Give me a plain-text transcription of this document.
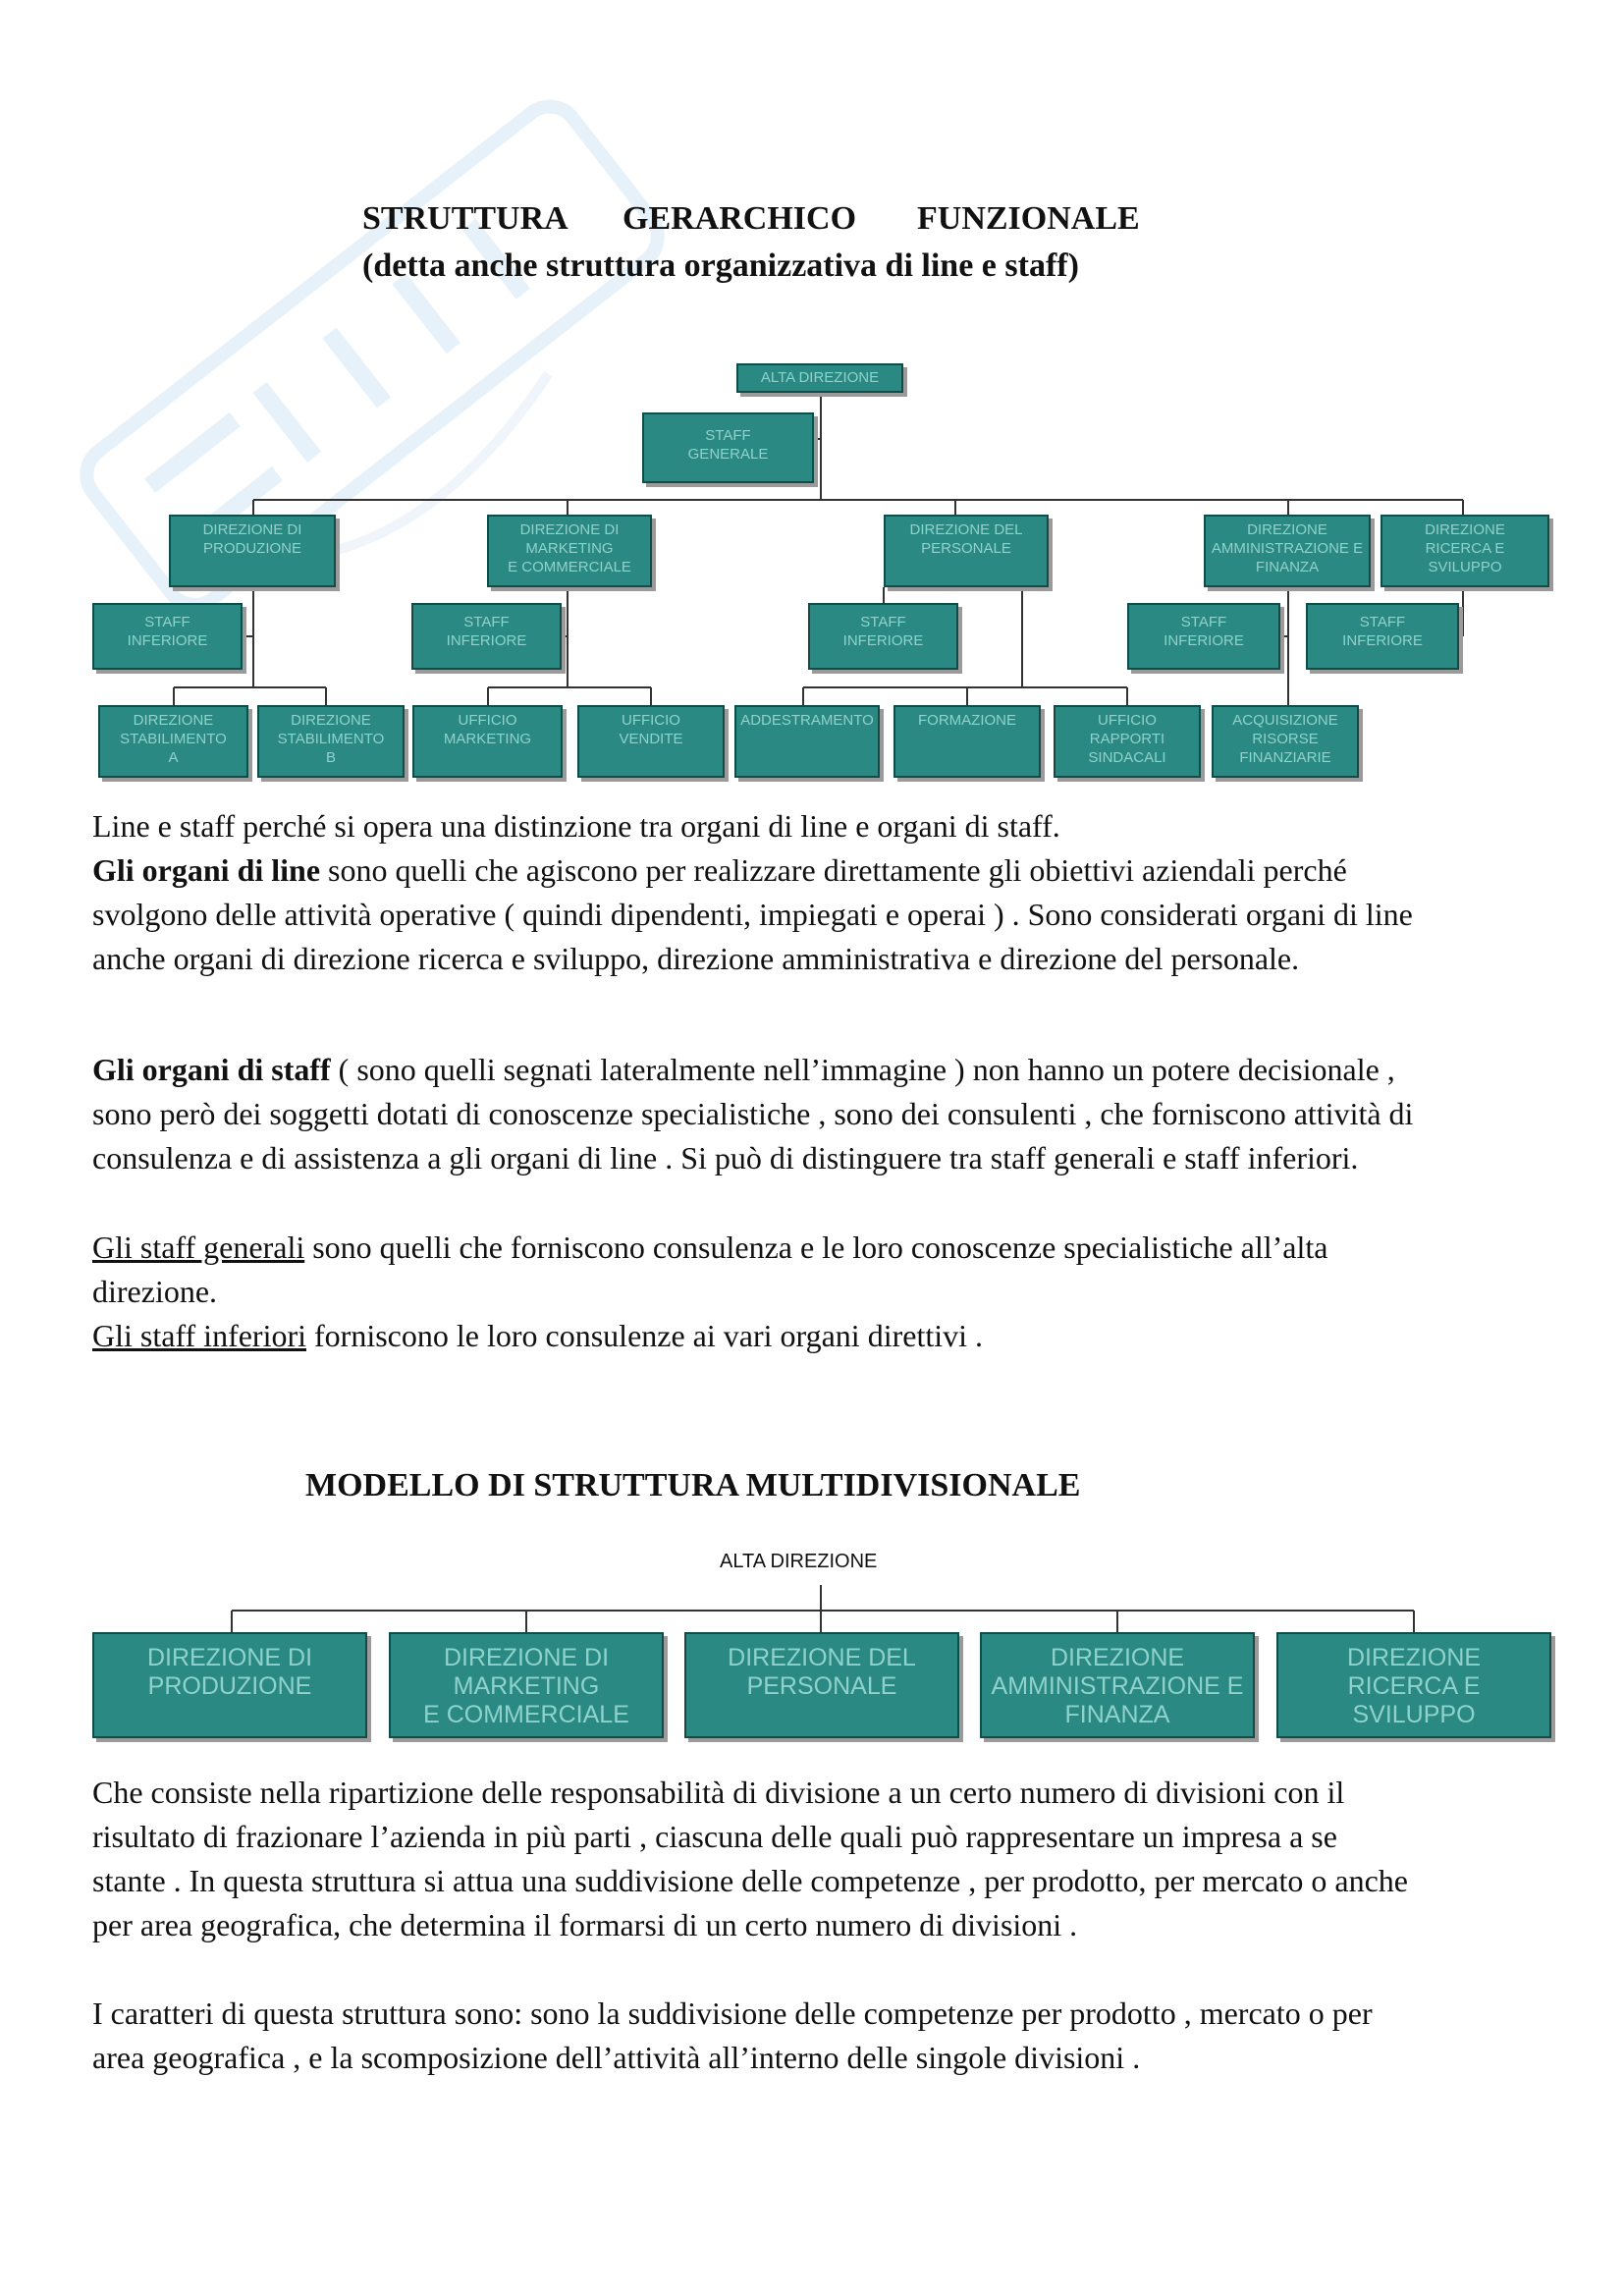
STRUTTURA GERARCHICO FUNZIONALE
(detta anche struttura organizzativa di line e staff)
ALTA DIREZIONE
STAFF
GENERALE
DIREZIONE DI
PRODUZIONE
DIREZIONE DI
MARKETING
E COMMERCIALE
DIREZIONE DEL
PERSONALE
DIREZIONE
AMMINISTRAZIONE E
FINANZA
DIREZIONE
RICERCA E
SVILUPPO
STAFF
INFERIORE
STAFF
INFERIORE
STAFF
INFERIORE
STAFF
INFERIORE
STAFF
INFERIORE
DIREZIONE
STABILIMENTO
A
DIREZIONE
STABILIMENTO
B
UFFICIO
MARKETING
UFFICIO
VENDITE
ADDESTRAMENTO	FORMAZIONE	UFFICIO
RAPPORTI
SINDACALI
ACQUISIZIONE
RISORSE
FINANZIARIE

Line e staff perché si opera una distinzione tra organi di line e organi di staff.

Gli organi di line sono quelli che agiscono per realizzare direttamente gli obiettivi aziendali perché svolgono delle attività operative ( quindi dipendenti, impiegati e operai ) . Sono considerati organi di line anche organi di direzione ricerca e sviluppo, direzione amministrativa e direzione del personale.

Gli organi di staff ( sono quelli segnati lateralmente nell’immagine ) non hanno un potere decisionale , sono però dei soggetti dotati di conoscenze specialistiche , sono dei consulenti , che forniscono attività di consulenza e di assistenza a gli organi di line . Si può di distinguere tra staff generali e staff inferiori.

Gli staff generali sono quelli che forniscono consulenza e le loro conoscenze specialistiche all’alta direzione.

Gli staff inferiori forniscono le loro consulenze ai vari organi direttivi .

MODELLO DI STRUTTURA MULTIDIVISIONALE
ALTA DIREZIONE
DIREZIONE DI
PRODUZIONE
DIREZIONE DI
MARKETING
E COMMERCIALE
DIREZIONE DEL
PERSONALE
DIREZIONE
AMMINISTRAZIONE E
FINANZA
DIREZIONE
RICERCA E
SVILUPPO

Che consiste nella ripartizione delle responsabilità di divisione a un certo numero di divisioni con il risultato di frazionare l’azienda in più parti , ciascuna delle quali può rappresentare un impresa a se stante . In questa struttura si attua una suddivisione delle competenze , per prodotto, per mercato o anche per area geografica, che determina il formarsi di un certo numero di divisioni .

I caratteri di questa struttura sono: sono la suddivisione delle competenze per prodotto , mercato o per area geografica , e la scomposizione dell’attività all’interno delle singole divisioni .
